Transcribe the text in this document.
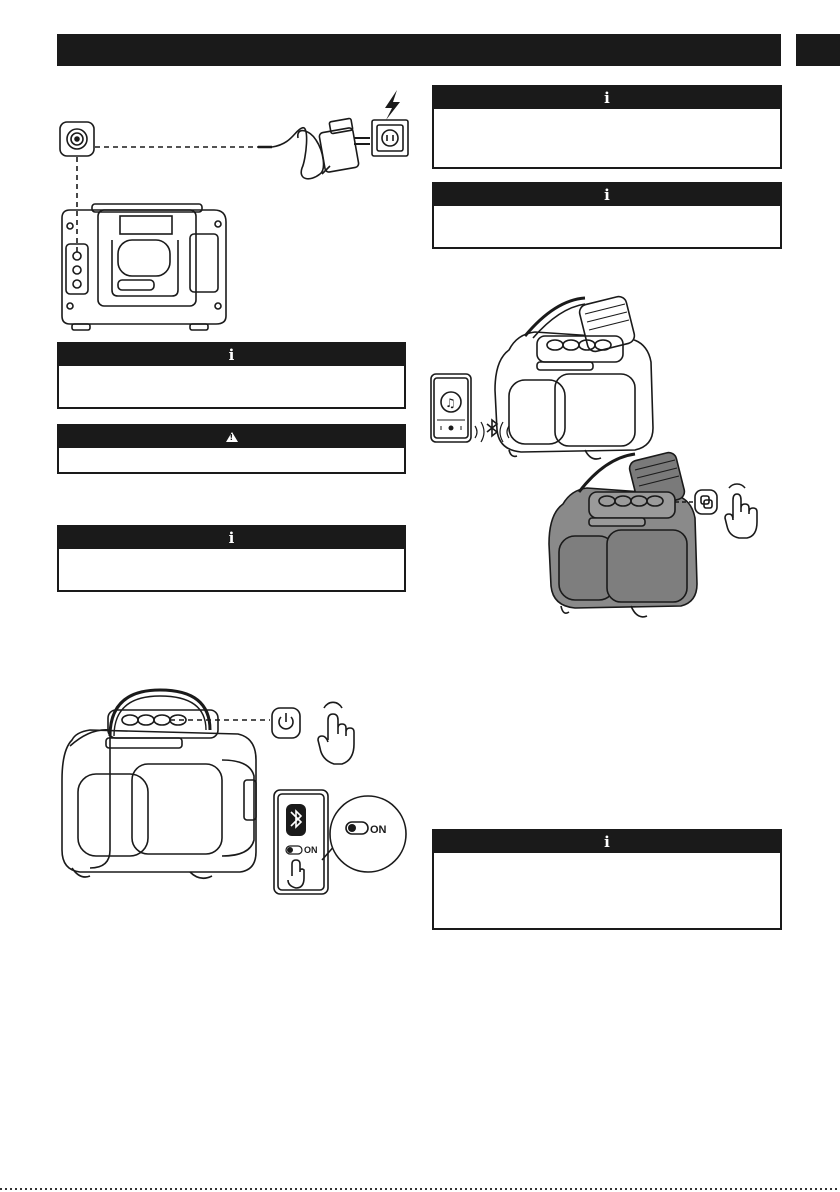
i
!
i
ON
ON
i
i
♫
i
